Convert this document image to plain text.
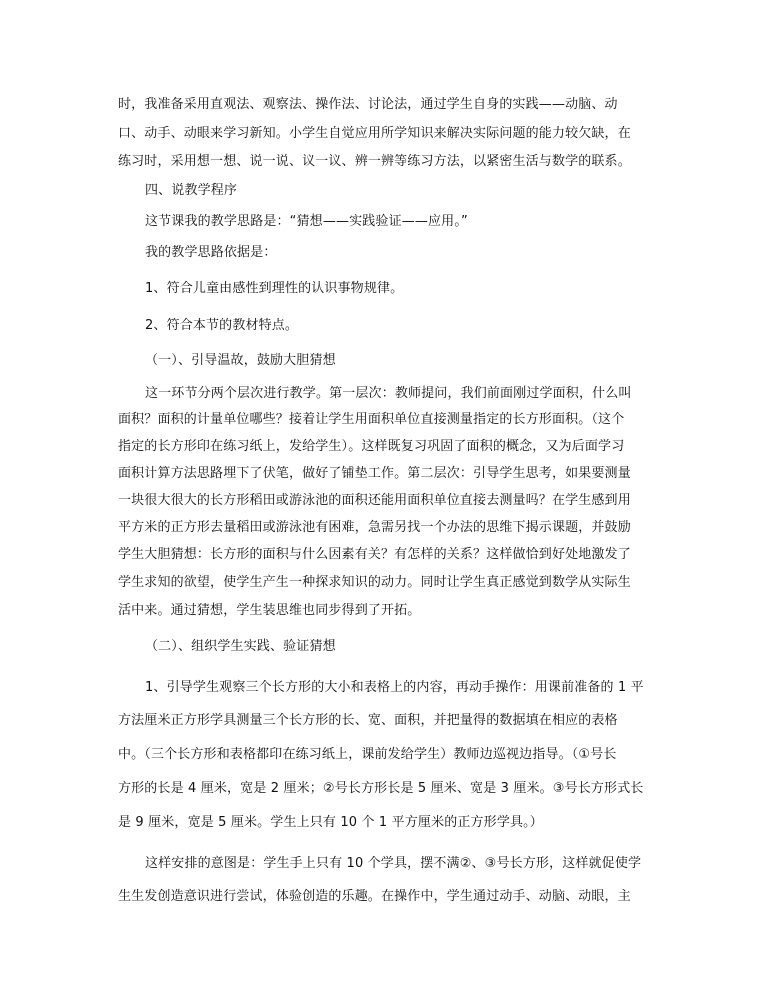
时，我准备采用直观法、观察法、操作法、讨论法，通过学生自身的实践——动脑、动
口、动手、动眼来学习新知。小学生自觉应用所学知识来解决实际问题的能力较欠缺，在
练习时，采用想一想、说一说、议一议、辨一辨等练习方法，以紧密生活与数学的联系。
四、说教学程序
这节课我的教学思路是：“猜想——实践验证——应用。”
我的教学思路依据是：
1、符合儿童由感性到理性的认识事物规律。
2、符合本节的教材特点。
（一）、引导温故，鼓励大胆猜想
这一环节分两个层次进行教学。第一层次：教师提问，我们前面刚过学面积，什么叫
面积？面积的计量单位哪些？接着让学生用面积单位直接测量指定的长方形面积。（这个
指定的长方形印在练习纸上，发给学生）。这样既复习巩固了面积的概念，又为后面学习
面积计算方法思路埋下了伏笔，做好了铺垫工作。第二层次：引导学生思考，如果要测量
一块很大很大的长方形稻田或游泳池的面积还能用面积单位直接去测量吗？在学生感到用
平方米的正方形去量稻田或游泳池有困难，急需另找一个办法的思维下揭示课题，并鼓励
学生大胆猜想：长方形的面积与什么因素有关？有怎样的关系？这样做恰到好处地激发了
学生求知的欲望，使学生产生一种探求知识的动力。同时让学生真正感觉到数学从实际生
活中来。通过猜想，学生装思维也同步得到了开拓。
（二）、组织学生实践、验证猜想
1、引导学生观察三个长方形的大小和表格上的内容，再动手操作：用课前准备的 1 平
方法厘米正方形学具测量三个长方形的长、宽、面积，并把量得的数据填在相应的表格
中。（三个长方形和表格都印在练习纸上，课前发给学生）教师边巡视边指导。（①号长
方形的长是 4 厘米，宽是 2 厘米；②号长方形长是 5 厘米、宽是 3 厘米。③号长方形式长
是 9 厘米，宽是 5 厘米。学生上只有 10 个 1 平方厘米的正方形学具。）
这样安排的意图是：学生手上只有 10 个学具，摆不满②、③号长方形，这样就促使学
生生发创造意识进行尝试，体验创造的乐趣。在操作中，学生通过动手、动脑、动眼，主
